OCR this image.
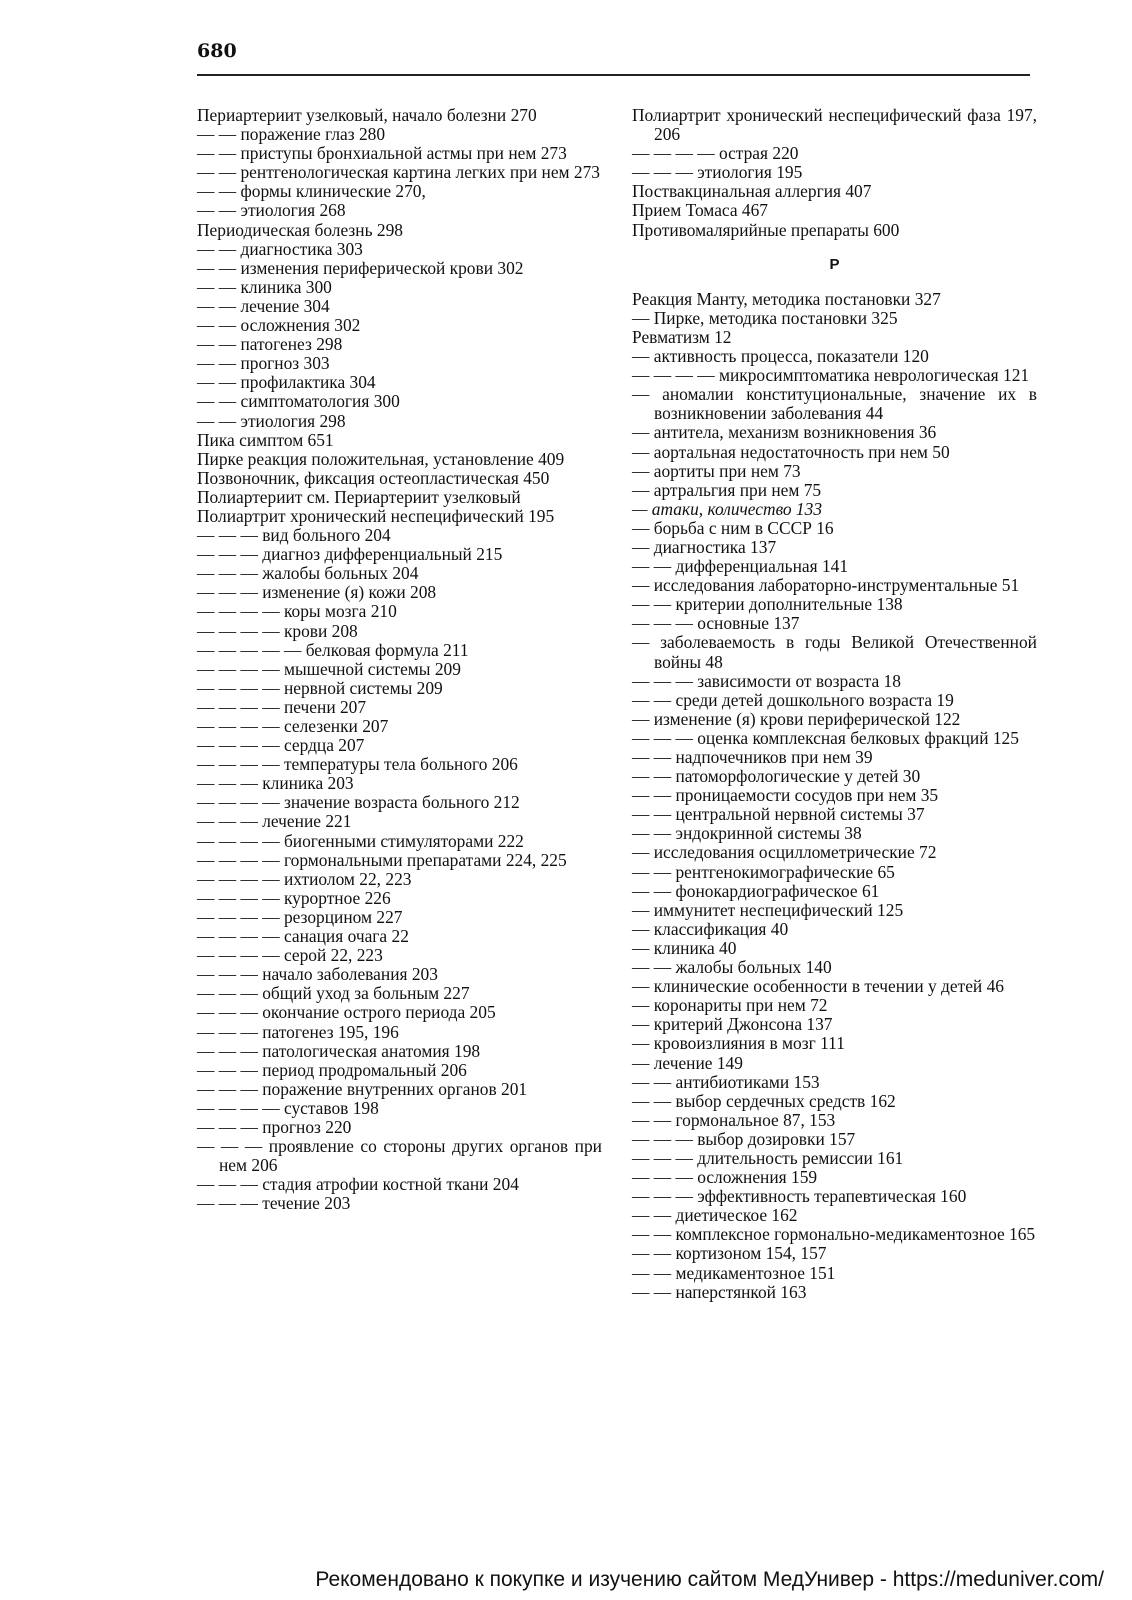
680
Периартериит узелковый, начало болезни 270
— — поражение глаз 280
— — приступы бронхиальной астмы при нем 273
— — рентгенологическая картина легких при нем 273
— — формы клинические 270,
— — этиология 268
Периодическая болезнь 298
— — диагностика 303
— — изменения периферической крови 302
— — клиника 300
— — лечение 304
— — осложнения 302
— — патогенез 298
— — прогноз 303
— — профилактика 304
— — симптоматология 300
— — этиология 298
Пика симптом 651
Пирке реакция положительная, установление 409
Позвоночник, фиксация остеопластическая 450
Полиартериит см. Периартериит узелковый
Полиартрит хронический неспецифический 195
— — — вид больного 204
— — — диагноз дифференциальный 215
— — — жалобы больных 204
— — — изменение (я) кожи 208
— — — — коры мозга 210
— — — — крови 208
— — — — — белковая формула 211
— — — — мышечной системы 209
— — — — нервной системы 209
— — — — печени 207
— — — — селезенки 207
— — — — сердца 207
— — — — температуры тела больного 206
— — — клиника 203
— — — — значение возраста больного 212
— — — лечение 221
— — — — биогенными стимуляторами 222
— — — — гормональными препаратами 224, 225
— — — — ихтиолом 22, 223
— — — — курортное 226
— — — — резорцином 227
— — — — санация очага 22
— — — — серой 22, 223
— — — начало заболевания 203
— — — общий уход за больным 227
— — — окончание острого периода 205
— — — патогенез 195, 196
— — — патологическая анатомия 198
— — — период продромальный 206
— — — поражение внутренних органов 201
— — — — суставов 198
— — — прогноз 220
— — — проявление со стороны других органов при нем 206
— — — стадия атрофии костной ткани 204
— — — течение 203
Полиартрит хронический неспецифический фаза 197, 206
— — — — острая 220
— — — этиология 195
Поствакцинальная аллергия 407
Прием Томаса 467
Противомалярийные препараты 600
Р
Реакция Манту, методика постановки 327
— Пирке, методика постановки 325
Ревматизм 12
— активность процесса, показатели 120
— — — — микросимптоматика неврологическая 121
— аномалии конституциональные, значение их в возникновении заболевания 44
— антитела, механизм возникновения 36
— аортальная недостаточность при нем 50
— аортиты при нем 73
— артральгия при нем 75
— атаки, количество 133
— борьба с ним в СССР 16
— диагностика 137
— — дифференциальная 141
— исследования лабораторно-инструментальные 51
— — критерии дополнительные 138
— — — основные 137
— заболеваемость в годы Великой Отечественной войны 48
— — — зависимости от возраста 18
— — среди детей дошкольного возраста 19
— изменение (я) крови периферической 122
— — — оценка комплексная белковых фракций 125
— — надпочечников при нем 39
— — патоморфологические у детей 30
— — проницаемости сосудов при нем 35
— — центральной нервной системы 37
— — эндокринной системы 38
— исследования осциллометрические 72
— — рентгенокимографические 65
— — фонокардиографическое 61
— иммунитет неспецифический 125
— классификация 40
— клиника 40
— — жалобы больных 140
— клинические особенности в течении у детей 46
— коронариты при нем 72
— критерий Джонсона 137
— кровоизлияния в мозг 111
— лечение 149
— — антибиотиками 153
— — выбор сердечных средств 162
— — гормональное 87, 153
— — — выбор дозировки 157
— — — длительность ремиссии 161
— — — осложнения 159
— — — эффективность терапевтическая 160
— — диетическое 162
— — комплексное гормонально-медикаментозное 165
— — кортизоном 154, 157
— — медикаментозное 151
— — наперстянкой 163
Рекомендовано к покупке и изучению сайтом МедУнивер - https://meduniver.com/
